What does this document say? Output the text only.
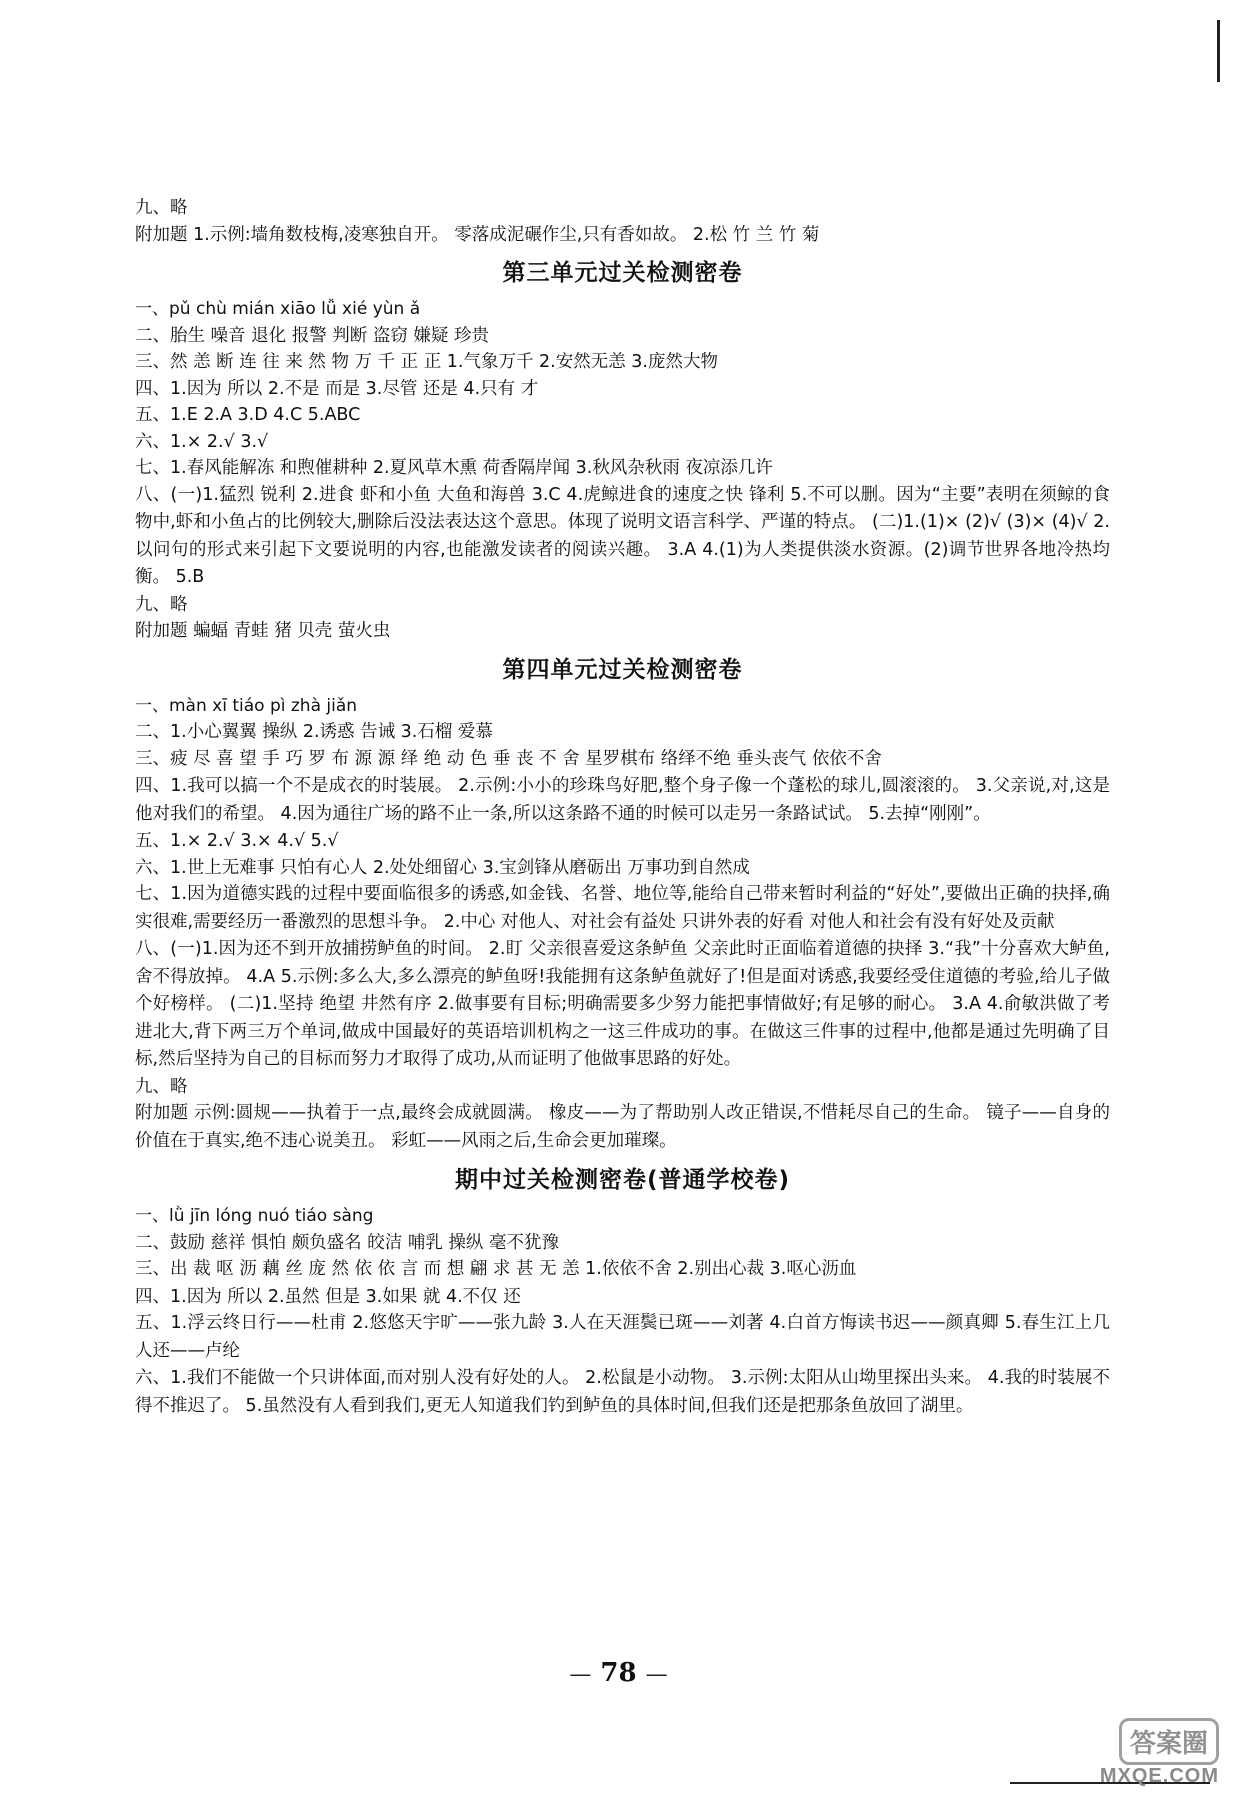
九、略
附加题 1.示例:墙角数枝梅,凌寒独自开。 零落成泥碾作尘,只有香如故。 2.松 竹 兰 竹 菊
第三单元过关检测密卷
一、pǔ chù mián xiāo lǚ xié yùn ǎ
二、胎生 噪音 退化 报警 判断 盗窃 嫌疑 珍贵
三、然 恙 断 连 往 来 然 物 万 千 正 正 1.气象万千 2.安然无恙 3.庞然大物
四、1.因为 所以 2.不是 而是 3.尽管 还是 4.只有 才
五、1.E 2.A 3.D 4.C 5.ABC
六、1.× 2.√ 3.√
七、1.春风能解冻 和煦催耕种 2.夏风草木熏 荷香隔岸闻 3.秋风杂秋雨 夜凉添几许
八、(一)1.猛烈 锐利 2.进食 虾和小鱼 大鱼和海兽 3.C 4.虎鲸进食的速度之快 锋利 5.不可以删。因为“主要”表明在须鲸的食物中,虾和小鱼占的比例较大,删除后没法表达这个意思。体现了说明文语言科学、严谨的特点。 (二)1.(1)× (2)√ (3)× (4)√ 2.以问句的形式来引起下文要说明的内容,也能激发读者的阅读兴趣。 3.A 4.(1)为人类提供淡水资源。(2)调节世界各地冷热均衡。 5.B
九、略
附加题 蝙蝠 青蛙 猪 贝壳 萤火虫
第四单元过关检测密卷
一、màn xī tiáo pì zhà jiǎn
二、1.小心翼翼 操纵 2.诱惑 告诫 3.石榴 爱慕
三、疲 尽 喜 望 手 巧 罗 布 源 源 绎 绝 动 色 垂 丧 不 舍 星罗棋布 络绎不绝 垂头丧气 依依不舍
四、1.我可以搞一个不是成衣的时装展。 2.示例:小小的珍珠鸟好肥,整个身子像一个蓬松的球儿,圆滚滚的。 3.父亲说,对,这是他对我们的希望。 4.因为通往广场的路不止一条,所以这条路不通的时候可以走另一条路试试。 5.去掉“刚刚”。
五、1.× 2.√ 3.× 4.√ 5.√
六、1.世上无难事 只怕有心人 2.处处细留心 3.宝剑锋从磨砺出 万事功到自然成
七、1.因为道德实践的过程中要面临很多的诱惑,如金钱、名誉、地位等,能给自己带来暂时利益的“好处”,要做出正确的抉择,确实很难,需要经历一番激烈的思想斗争。 2.中心 对他人、对社会有益处 只讲外表的好看 对他人和社会有没有好处及贡献
八、(一)1.因为还不到开放捕捞鲈鱼的时间。 2.盯 父亲很喜爱这条鲈鱼 父亲此时正面临着道德的抉择 3.“我”十分喜欢大鲈鱼,舍不得放掉。 4.A 5.示例:多么大,多么漂亮的鲈鱼呀!我能拥有这条鲈鱼就好了!但是面对诱惑,我要经受住道德的考验,给儿子做个好榜样。 (二)1.坚持 绝望 井然有序 2.做事要有目标;明确需要多少努力能把事情做好;有足够的耐心。 3.A 4.俞敏洪做了考进北大,背下两三万个单词,做成中国最好的英语培训机构之一这三件成功的事。在做这三件事的过程中,他都是通过先明确了目标,然后坚持为自己的目标而努力才取得了成功,从而证明了他做事思路的好处。
九、略
附加题 示例:圆规——执着于一点,最终会成就圆满。 橡皮——为了帮助别人改正错误,不惜耗尽自己的生命。 镜子——自身的价值在于真实,绝不违心说美丑。 彩虹——风雨之后,生命会更加璀璨。
期中过关检测密卷(普通学校卷)
一、lǜ jīn lóng nuó tiáo sàng
二、鼓励 慈祥 惧怕 颇负盛名 皎洁 哺乳 操纵 毫不犹豫
三、出 裁 呕 沥 藕 丝 庞 然 依 依 言 而 想 翩 求 甚 无 恙 1.依依不舍 2.别出心裁 3.呕心沥血
四、1.因为 所以 2.虽然 但是 3.如果 就 4.不仅 还
五、1.浮云终日行——杜甫 2.悠悠天宇旷——张九龄 3.人在天涯鬓已斑——刘著 4.白首方悔读书迟——颜真卿 5.春生江上几人还——卢纶
六、1.我们不能做一个只讲体面,而对别人没有好处的人。 2.松鼠是小动物。 3.示例:太阳从山坳里探出头来。 4.我的时装展不得不推迟了。 5.虽然没有人看到我们,更无人知道我们钓到鲈鱼的具体时间,但我们还是把那条鱼放回了湖里。
— 78 —
答案圈
MXQE.COM
